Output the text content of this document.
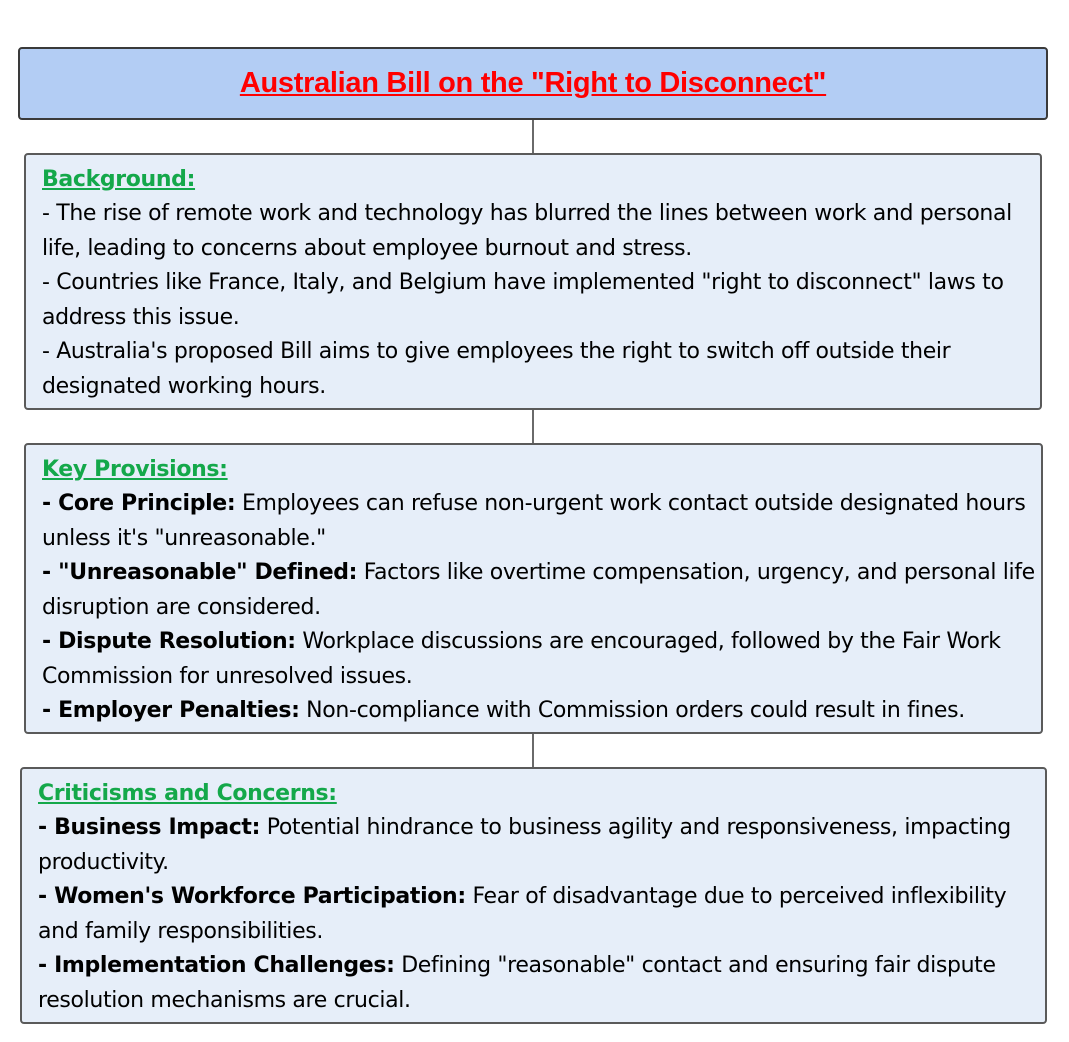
Australian Bill on the "Right to Disconnect"
Background:
- The rise of remote work and technology has blurred the lines between work and personal life, leading to concerns about employee burnout and stress.
- Countries like France, Italy, and Belgium have implemented "right to disconnect" laws to address this issue.
- Australia's proposed Bill aims to give employees the right to switch off outside their designated working hours.
Key Provisions:
- Core Principle: Employees can refuse non-urgent work contact outside designated hours unless it's "unreasonable."
- "Unreasonable" Defined: Factors like overtime compensation, urgency, and personal life disruption are considered.
- Dispute Resolution: Workplace discussions are encouraged, followed by the Fair Work Commission for unresolved issues.
- Employer Penalties: Non-compliance with Commission orders could result in fines.
Criticisms and Concerns:
- Business Impact: Potential hindrance to business agility and responsiveness, impacting productivity.
- Women's Workforce Participation: Fear of disadvantage due to perceived inflexibility and family responsibilities.
- Implementation Challenges: Defining "reasonable" contact and ensuring fair dispute resolution mechanisms are crucial.
